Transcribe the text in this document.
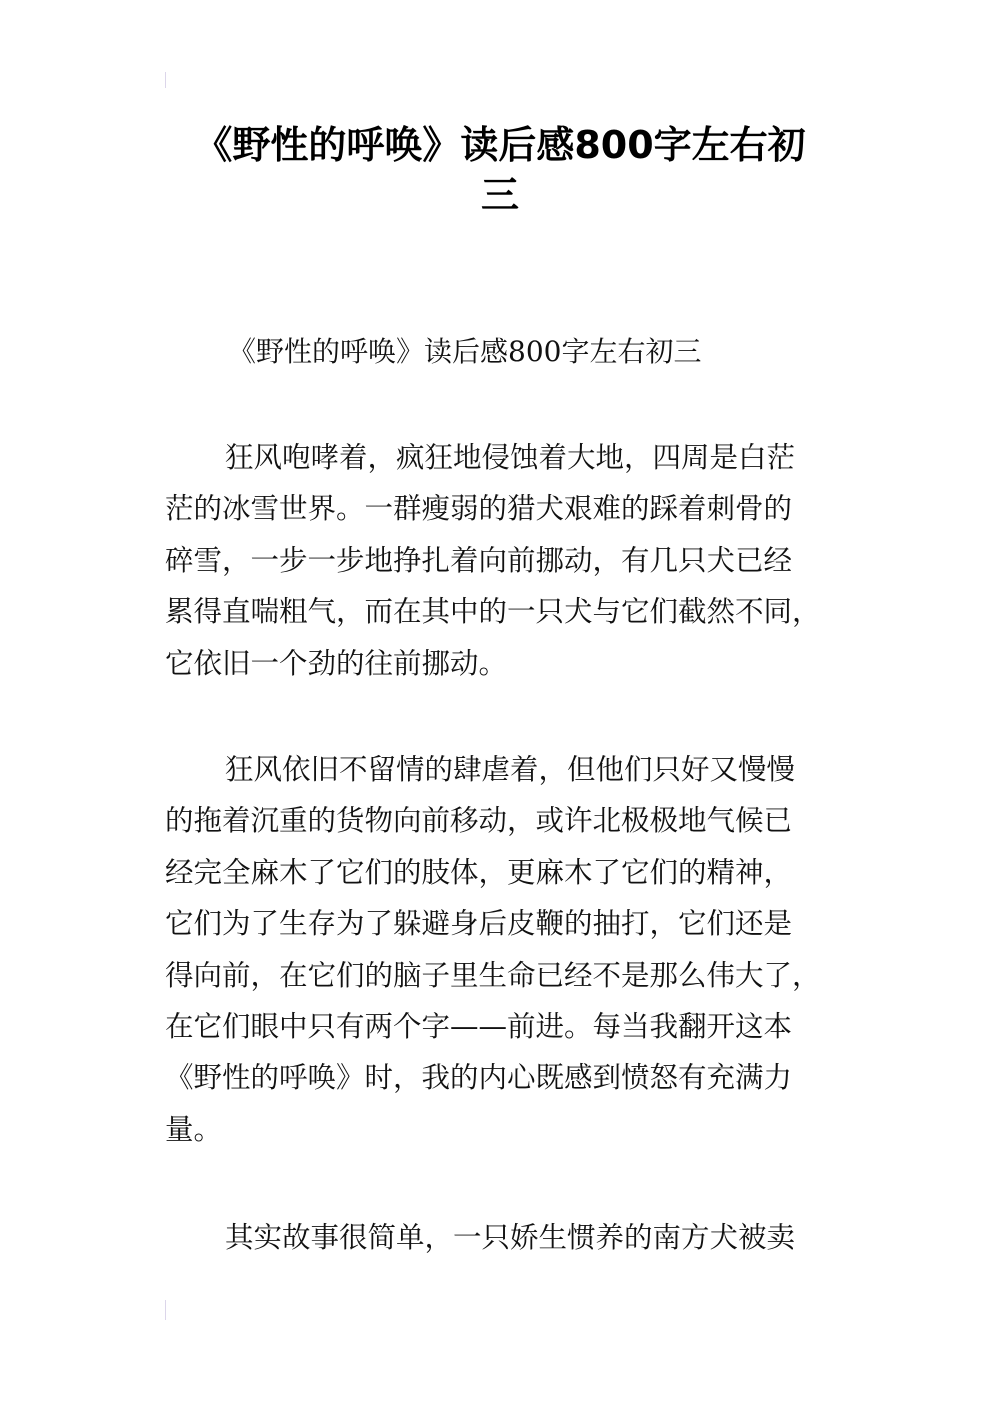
《野性的呼唤》读后感800字左右初
三
《野性的呼唤》读后感800字左右初三
狂风咆哮着，疯狂地侵蚀着大地，四周是白茫
茫的冰雪世界。一群瘦弱的猎犬艰难的踩着刺骨的
碎雪，一步一步地挣扎着向前挪动，有几只犬已经
累得直喘粗气，而在其中的一只犬与它们截然不同，
它依旧一个劲的往前挪动。
狂风依旧不留情的肆虐着，但他们只好又慢慢
的拖着沉重的货物向前移动，或许北极极地气候已
经完全麻木了它们的肢体，更麻木了它们的精神，
它们为了生存为了躲避身后皮鞭的抽打，它们还是
得向前，在它们的脑子里生命已经不是那么伟大了，
在它们眼中只有两个字——前进。每当我翻开这本
《野性的呼唤》时，我的内心既感到愤怒有充满力
量。
其实故事很简单，一只娇生惯养的南方犬被卖
